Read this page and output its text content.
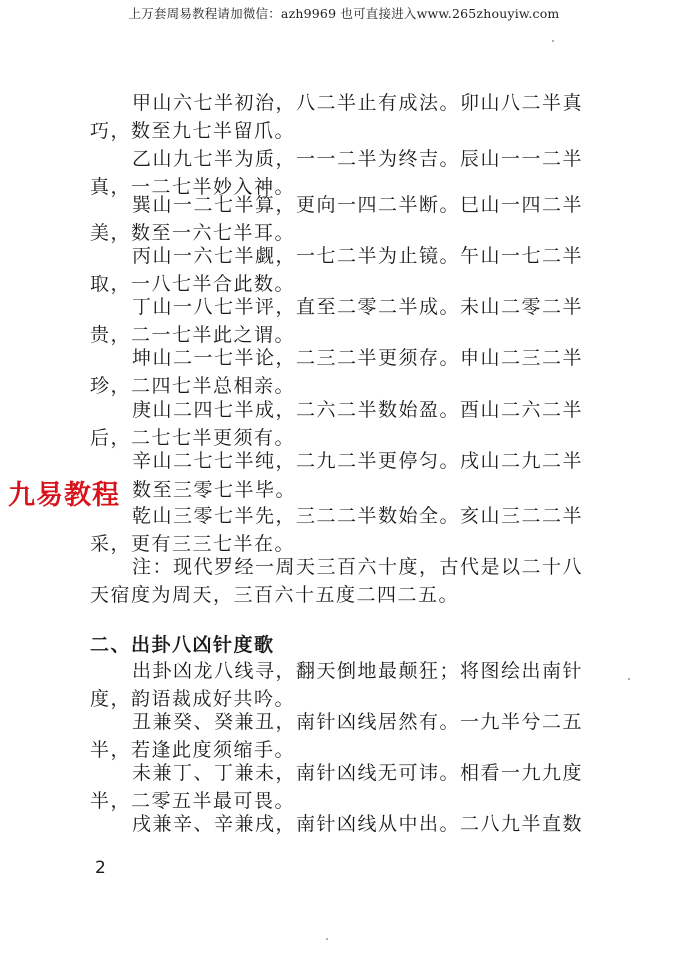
上万套周易教程请加微信：azh9969 也可直接进入www.265zhouyiw.com
甲山六七半初治，八二半止有成法。卯山八二半真
巧，数至九七半留爪。
乙山九七半为质，一一二半为终吉。辰山一一二半
真，一二七半妙入神。
巽山一二七半算，更向一四二半断。巳山一四二半
美，数至一六七半耳。
丙山一六七半觑，一七二半为止镜。午山一七二半
取，一八七半合此数。
丁山一八七半评，直至二零二半成。未山二零二半
贵，二一七半此之谓。
坤山二一七半论，二三二半更须存。申山二三二半
珍，二四七半总相亲。
庚山二四七半成，二六二半数始盈。酉山二六二半
后，二七七半更须有。
辛山二七七半纯，二九二半更停匀。戌山二九二半
数至三零七半毕。
乾山三零七半先，三二二半数始全。亥山三二二半
采，更有三三七半在。
注：现代罗经一周天三百六十度，古代是以二十八
天宿度为周天，三百六十五度二四二五。
二、出卦八凶针度歌
出卦凶龙八线寻，翻天倒地最颠狂；将图绘出南针
度，韵语裁成好共吟。
丑兼癸、癸兼丑，南针凶线居然有。一九半兮二五
半，若逢此度须缩手。
未兼丁、丁兼未，南针凶线无可讳。相看一九九度
半，二零五半最可畏。
戌兼辛、辛兼戌，南针凶线从中出。二八九半直数
九易教程
2
